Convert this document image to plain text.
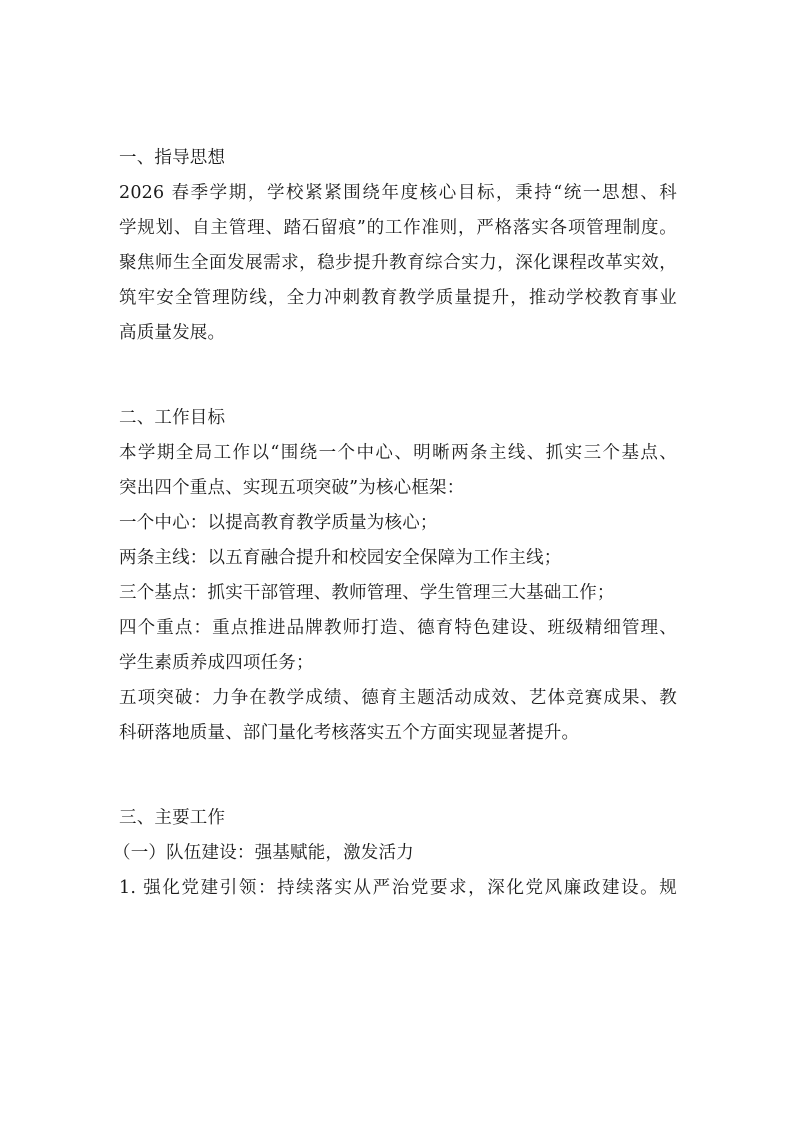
一、指导思想
2026 春季学期，学校紧紧围绕年度核心目标，秉持“统一思想、科
学规划、自主管理、踏石留痕”的工作准则，严格落实各项管理制度。
聚焦师生全面发展需求，稳步提升教育综合实力，深化课程改革实效，
筑牢安全管理防线，全力冲刺教育教学质量提升，推动学校教育事业
高质量发展。
二、工作目标
本学期全局工作以“围绕一个中心、明晰两条主线、抓实三个基点、
突出四个重点、实现五项突破”为核心框架：
一个中心：以提高教育教学质量为核心；
两条主线：以五育融合提升和校园安全保障为工作主线；
三个基点：抓实干部管理、教师管理、学生管理三大基础工作；
四个重点：重点推进品牌教师打造、德育特色建设、班级精细管理、
学生素质养成四项任务；
五项突破：力争在教学成绩、德育主题活动成效、艺体竞赛成果、教
科研落地质量、部门量化考核落实五个方面实现显著提升。
三、主要工作
（一）队伍建设：强基赋能，激发活力
1. 强化党建引领：持续落实从严治党要求，深化党风廉政建设。规
